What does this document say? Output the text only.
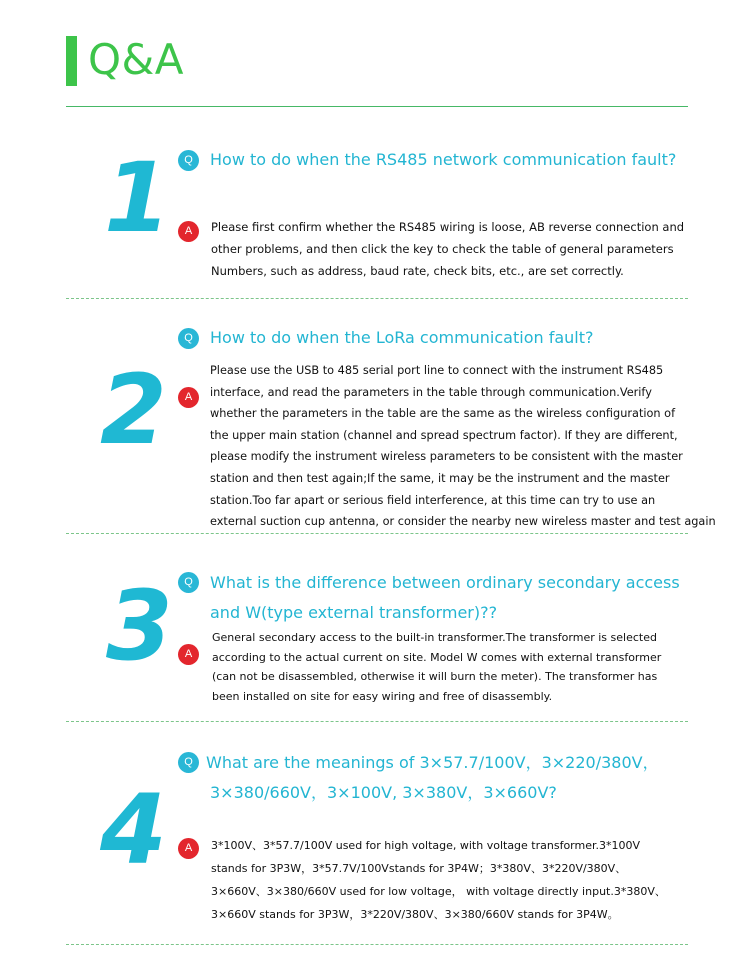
Q&A
1	Q	How to do when the RS485 network communication fault?
A	Please first confirm whether the RS485 wiring is loose, AB reverse connection and
other problems, and then click the key to check the table of general parameters
Numbers, such as address, baud rate, check bits, etc., are set correctly.
2
Q	How to do when the LoRa communication fault?
A
Please use the USB to 485 serial port line to connect with the instrument RS485
interface, and read the parameters in the table through communication.Verify
whether the parameters in the table are the same as the wireless configuration of
the upper main station (channel and spread spectrum factor). If they are different,
please modify the instrument wireless parameters to be consistent with the master
station and then test again;If the same, it may be the instrument and the master
station.Too far apart or serious field interference, at this time can try to use an
external suction cup antenna, or consider the nearby new wireless master and test again
3	Q	What is the difference between ordinary secondary access
and W(type external transformer)??
A
General secondary access to the built-in transformer.The transformer is selected
according to the actual current on site. Model W comes with external transformer
(can not be disassembled, otherwise it will burn the meter). The transformer has
been installed on site for easy wiring and free of disassembly.
4
Q What are the meanings of 3×57.7/100V，3×220/380V，
3×380/660V，3×100V, 3×380V，3×660V?
A	3*100V、3*57.7/100V used for high voltage, with voltage transformer.3*100V
stands for 3P3W，3*57.7V/100Vstands for 3P4W；3*380V、3*220V/380V、
3×660V、3×380/660V used for low voltage， with voltage directly input.3*380V、
3×660V stands for 3P3W，3*220V/380V、3×380/660V stands for 3P4W。
